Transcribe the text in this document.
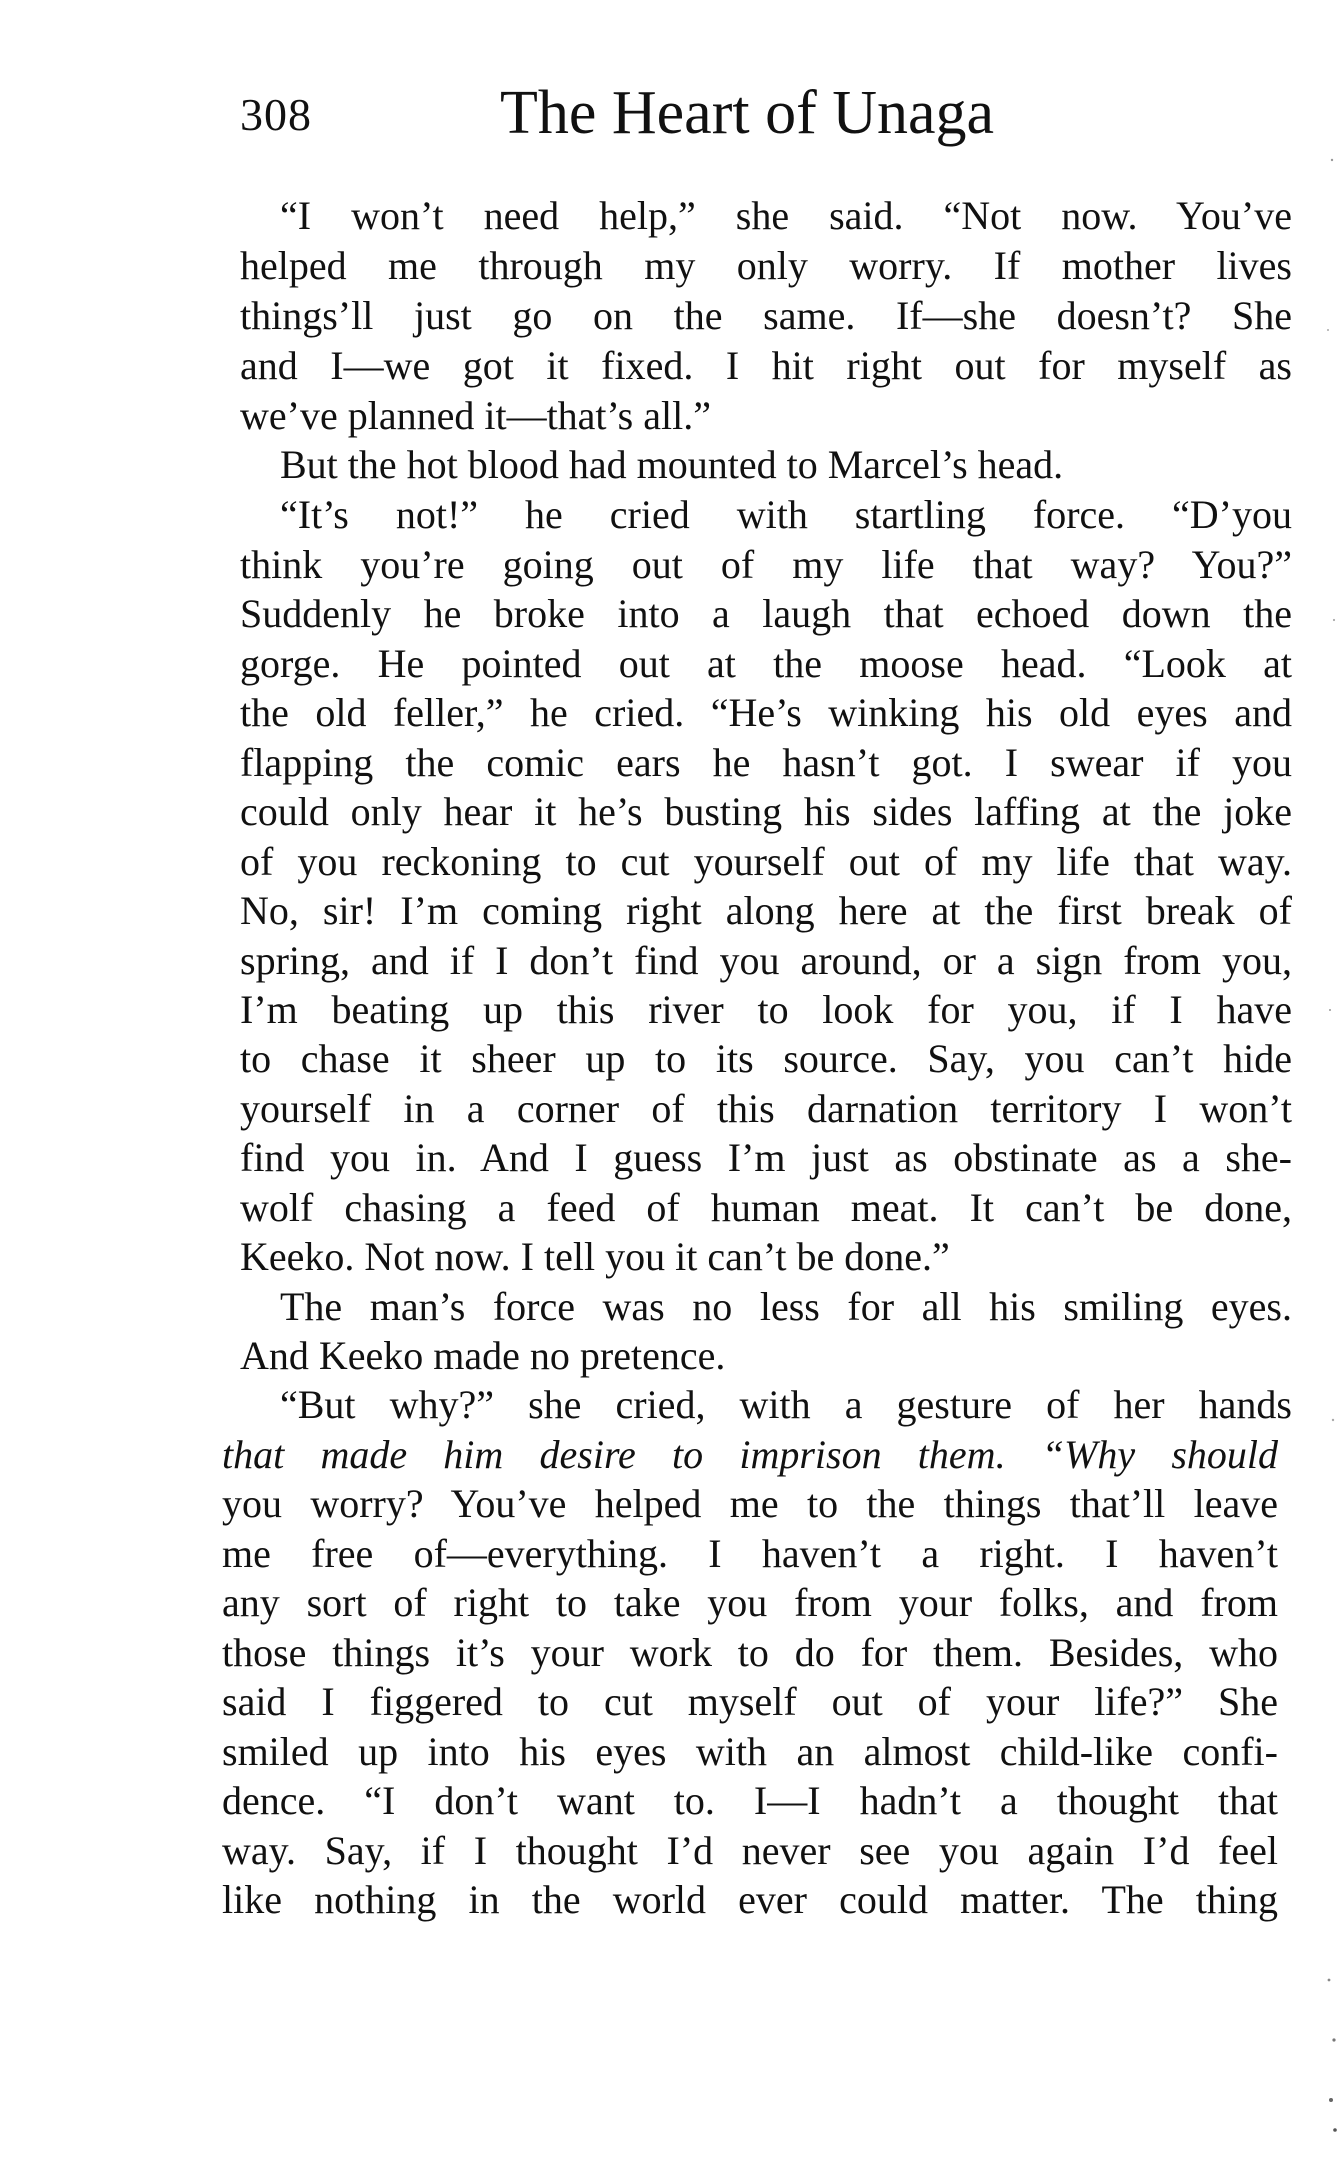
308	The Heart of Unaga
“I won’t need help,” she said. “Not now. You’ve
helped me through my only worry. If mother lives
things’ll just go on the same. If—she doesn’t? She
and I—we got it fixed. I hit right out for myself as
we’ve planned it—that’s all.”
But the hot blood had mounted to Marcel’s head.
“It’s not!” he cried with startling force. “D’you
think you’re going out of my life that way? You?”
Suddenly he broke into a laugh that echoed down the
gorge. He pointed out at the moose head. “Look at
the old feller,” he cried. “He’s winking his old eyes and
flapping the comic ears he hasn’t got. I swear if you
could only hear it he’s busting his sides laffing at the joke
of you reckoning to cut yourself out of my life that way.
No, sir! I’m coming right along here at the first break of
spring, and if I don’t find you around, or a sign from you,
I’m beating up this river to look for you, if I have
to chase it sheer up to its source. Say, you can’t hide
yourself in a corner of this darnation territory I won’t
find you in. And I guess I’m just as obstinate as a she-
wolf chasing a feed of human meat. It can’t be done,
Keeko. Not now. I tell you it can’t be done.”
The man’s force was no less for all his smiling eyes.
And Keeko made no pretence.
“But why?” she cried, with a gesture of her hands
that made him desire to imprison them. “Why should
you worry? You’ve helped me to the things that’ll leave
me free of—everything. I haven’t a right. I haven’t
any sort of right to take you from your folks, and from
those things it’s your work to do for them. Besides, who
said I figgered to cut myself out of your life?” She
smiled up into his eyes with an almost child-like confi-
dence. “I don’t want to. I—I hadn’t a thought that
way. Say, if I thought I’d never see you again I’d feel
like nothing in the world ever could matter. The thing
